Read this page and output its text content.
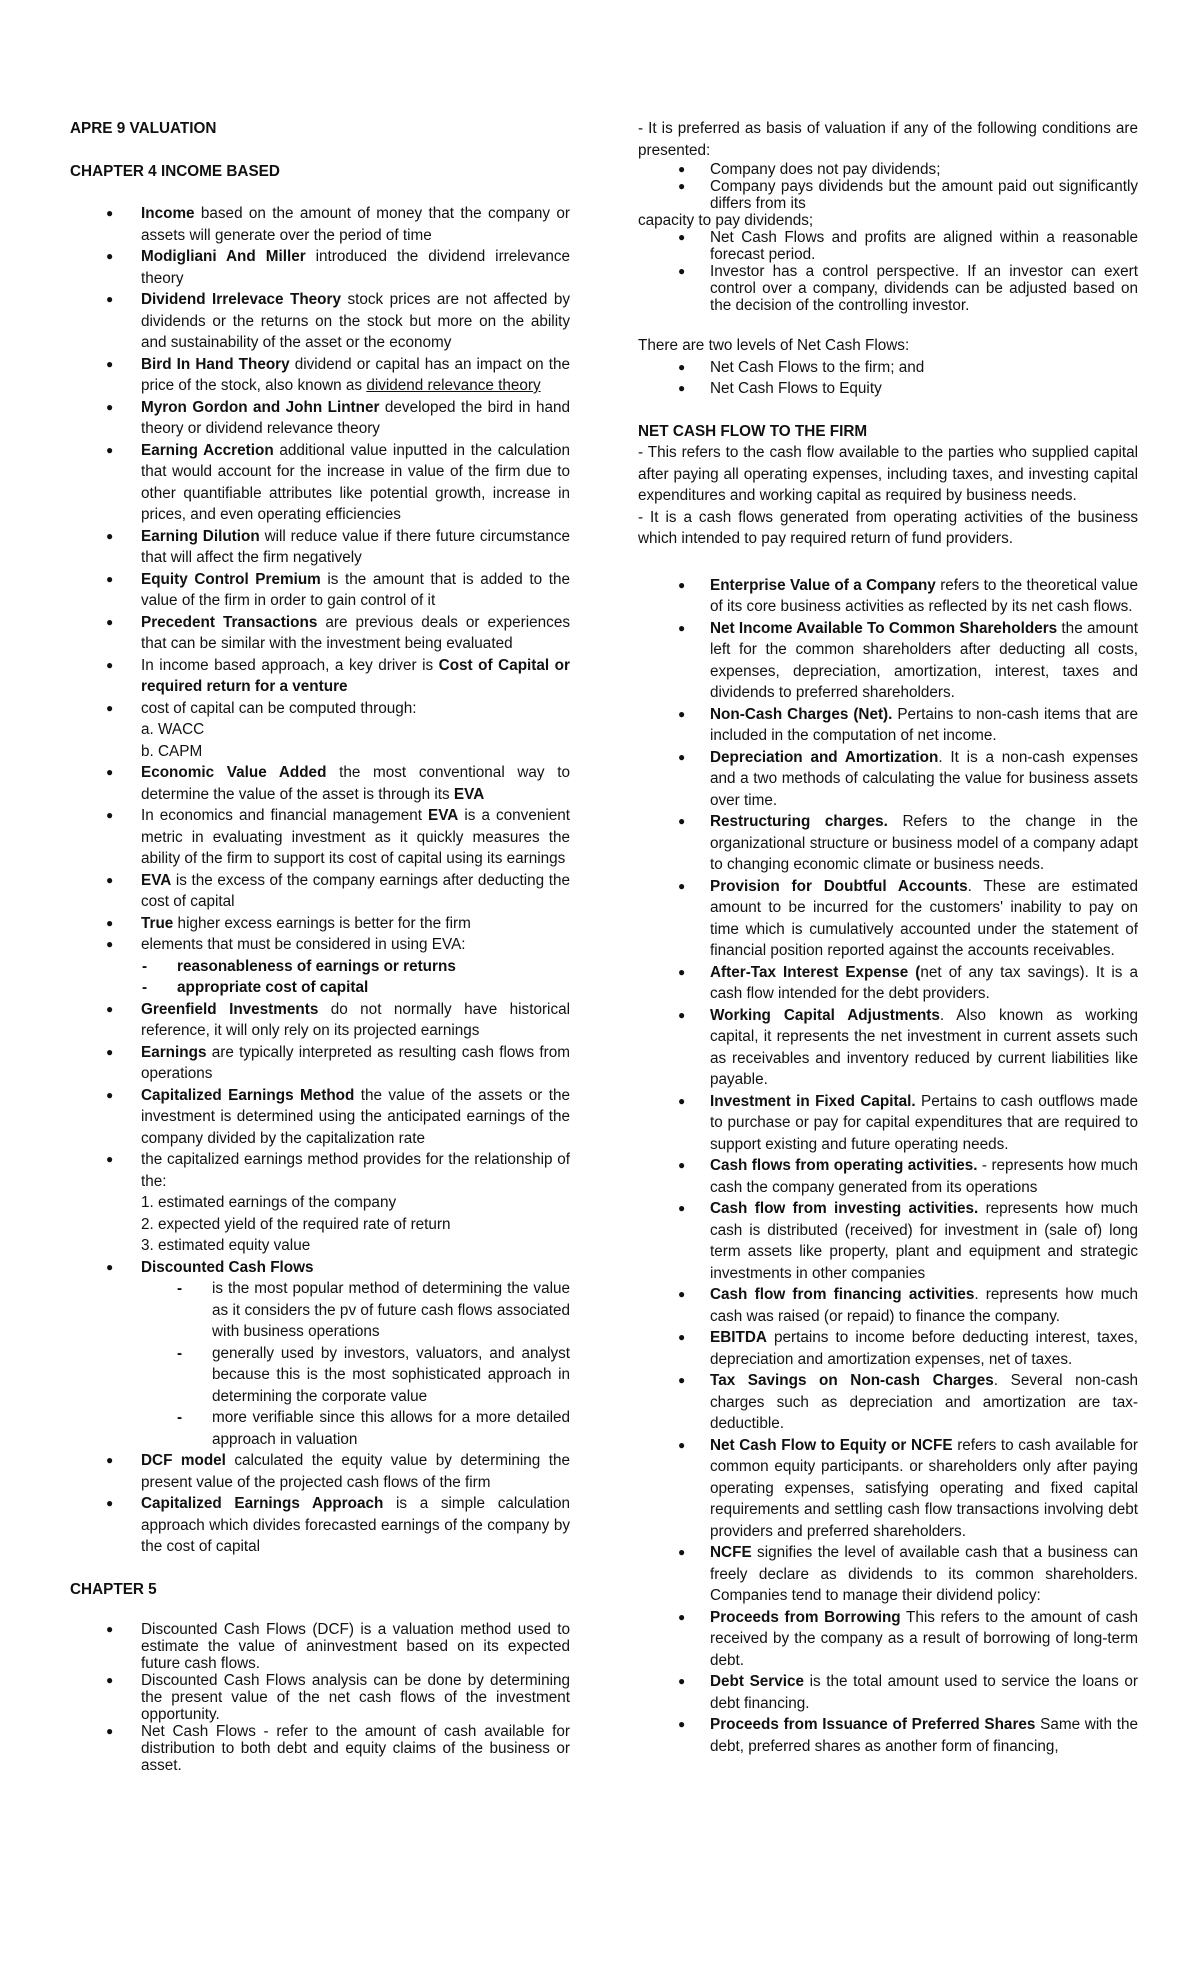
APRE 9 VALUATION

CHAPTER 4 INCOME BASED

● Income based on the amount of money that the company or assets will generate over the period of time
● Modigliani And Miller introduced the dividend irrelevance theory
● Dividend Irrelevace Theory stock prices are not affected by dividends or the returns on the stock but more on the ability and sustainability of the asset or the economy
● Bird In Hand Theory dividend or capital has an impact on the price of the stock, also known as dividend relevance theory
● Myron Gordon and John Lintner developed the bird in hand theory or dividend relevance theory
● Earning Accretion additional value inputted in the calculation that would account for the increase in value of the firm due to other quantifiable attributes like potential growth, increase in prices, and even operating efficiencies
● Earning Dilution will reduce value if there future circumstance that will affect the firm negatively
● Equity Control Premium is the amount that is added to the value of the firm in order to gain control of it
● Precedent Transactions are previous deals or experiences that can be similar with the investment being evaluated
● In income based approach, a key driver is Cost of Capital or required return for a venture
● cost of capital can be computed through:
a. WACC
b. CAPM
● Economic Value Added the most conventional way to determine the value of the asset is through its EVA
● In economics and financial management EVA is a convenient metric in evaluating investment as it quickly measures the ability of the firm to support its cost of capital using its earnings
● EVA is the excess of the company earnings after deducting the cost of capital
● True higher excess earnings is better for the firm
● elements that must be considered in using EVA:
- reasonableness of earnings or returns
- appropriate cost of capital
● Greenfield Investments do not normally have historical reference, it will only rely on its projected earnings
● Earnings are typically interpreted as resulting cash flows from operations
● Capitalized Earnings Method the value of the assets or the investment is determined using the anticipated earnings of the company divided by the capitalization rate
● the capitalized earnings method provides for the relationship of the:
1. estimated earnings of the company
2. expected yield of the required rate of return
3. estimated equity value
● Discounted Cash Flows
- is the most popular method of determining the value as it considers the pv of future cash flows associated with business operations
- generally used by investors, valuators, and analyst because this is the most sophisticated approach in determining the corporate value
- more verifiable since this allows for a more detailed approach in valuation
● DCF model calculated the equity value by determining the present value of the projected cash flows of the firm
● Capitalized Earnings Approach is a simple calculation approach which divides forecasted earnings of the company by the cost of capital

CHAPTER 5

● Discounted Cash Flows (DCF) is a valuation method used to estimate the value of aninvestment based on its expected future cash flows.
● Discounted Cash Flows analysis can be done by determining the present value of the net cash flows of the investment opportunity.
● Net Cash Flows - refer to the amount of cash available for distribution to both debt and equity claims of the business or asset.

- It is preferred as basis of valuation if any of the following conditions are presented:

● Company does not pay dividends;
● Company pays dividends but the amount paid out significantly differs from its

capacity to pay dividends;

● Net Cash Flows and profits are aligned within a reasonable forecast period.
● Investor has a control perspective. If an investor can exert control over a company, dividends can be adjusted based on the decision of the controlling investor.

There are two levels of Net Cash Flows:

● Net Cash Flows to the firm; and
● Net Cash Flows to Equity

NET CASH FLOW TO THE FIRM

- This refers to the cash flow available to the parties who supplied capital after paying all operating expenses, including taxes, and investing capital expenditures and working capital as required by business needs.

- It is a cash flows generated from operating activities of the business which intended to pay required return of fund providers.

● Enterprise Value of a Company refers to the theoretical value of its core business activities as reflected by its net cash flows.
● Net Income Available To Common Shareholders the amount left for the common shareholders after deducting all costs, expenses, depreciation, amortization, interest, taxes and dividends to preferred shareholders.
● Non-Cash Charges (Net). Pertains to non-cash items that are included in the computation of net income.
● Depreciation and Amortization. It is a non-cash expenses and a two methods of calculating the value for business assets over time.
● Restructuring charges. Refers to the change in the organizational structure or business model of a company adapt to changing economic climate or business needs.
● Provision for Doubtful Accounts. These are estimated amount to be incurred for the customers' inability to pay on time which is cumulatively accounted under the statement of financial position reported against the accounts receivables.
● After-Tax Interest Expense (net of any tax savings). It is a cash flow intended for the debt providers.
● Working Capital Adjustments. Also known as working capital, it represents the net investment in current assets such as receivables and inventory reduced by current liabilities like payable.
● Investment in Fixed Capital. Pertains to cash outflows made to purchase or pay for capital expenditures that are required to support existing and future operating needs.
● Cash flows from operating activities. - represents how much cash the company generated from its operations
● Cash flow from investing activities. represents how much cash is distributed (received) for investment in (sale of) long term assets like property, plant and equipment and strategic investments in other companies
● Cash flow from financing activities. represents how much cash was raised (or repaid) to finance the company.
● EBITDA pertains to income before deducting interest, taxes, depreciation and amortization expenses, net of taxes.
● Tax Savings on Non-cash Charges. Several non-cash charges such as depreciation and amortization are tax-deductible.
● Net Cash Flow to Equity or NCFE refers to cash available for common equity participants. or shareholders only after paying operating expenses, satisfying operating and fixed capital requirements and settling cash flow transactions involving debt providers and preferred shareholders.
● NCFE signifies the level of available cash that a business can freely declare as dividends to its common shareholders. Companies tend to manage their dividend policy:
● Proceeds from Borrowing This refers to the amount of cash received by the company as a result of borrowing of long-term debt.
● Debt Service is the total amount used to service the loans or debt financing.
● Proceeds from Issuance of Preferred Shares Same with the debt, preferred shares as another form of financing,
